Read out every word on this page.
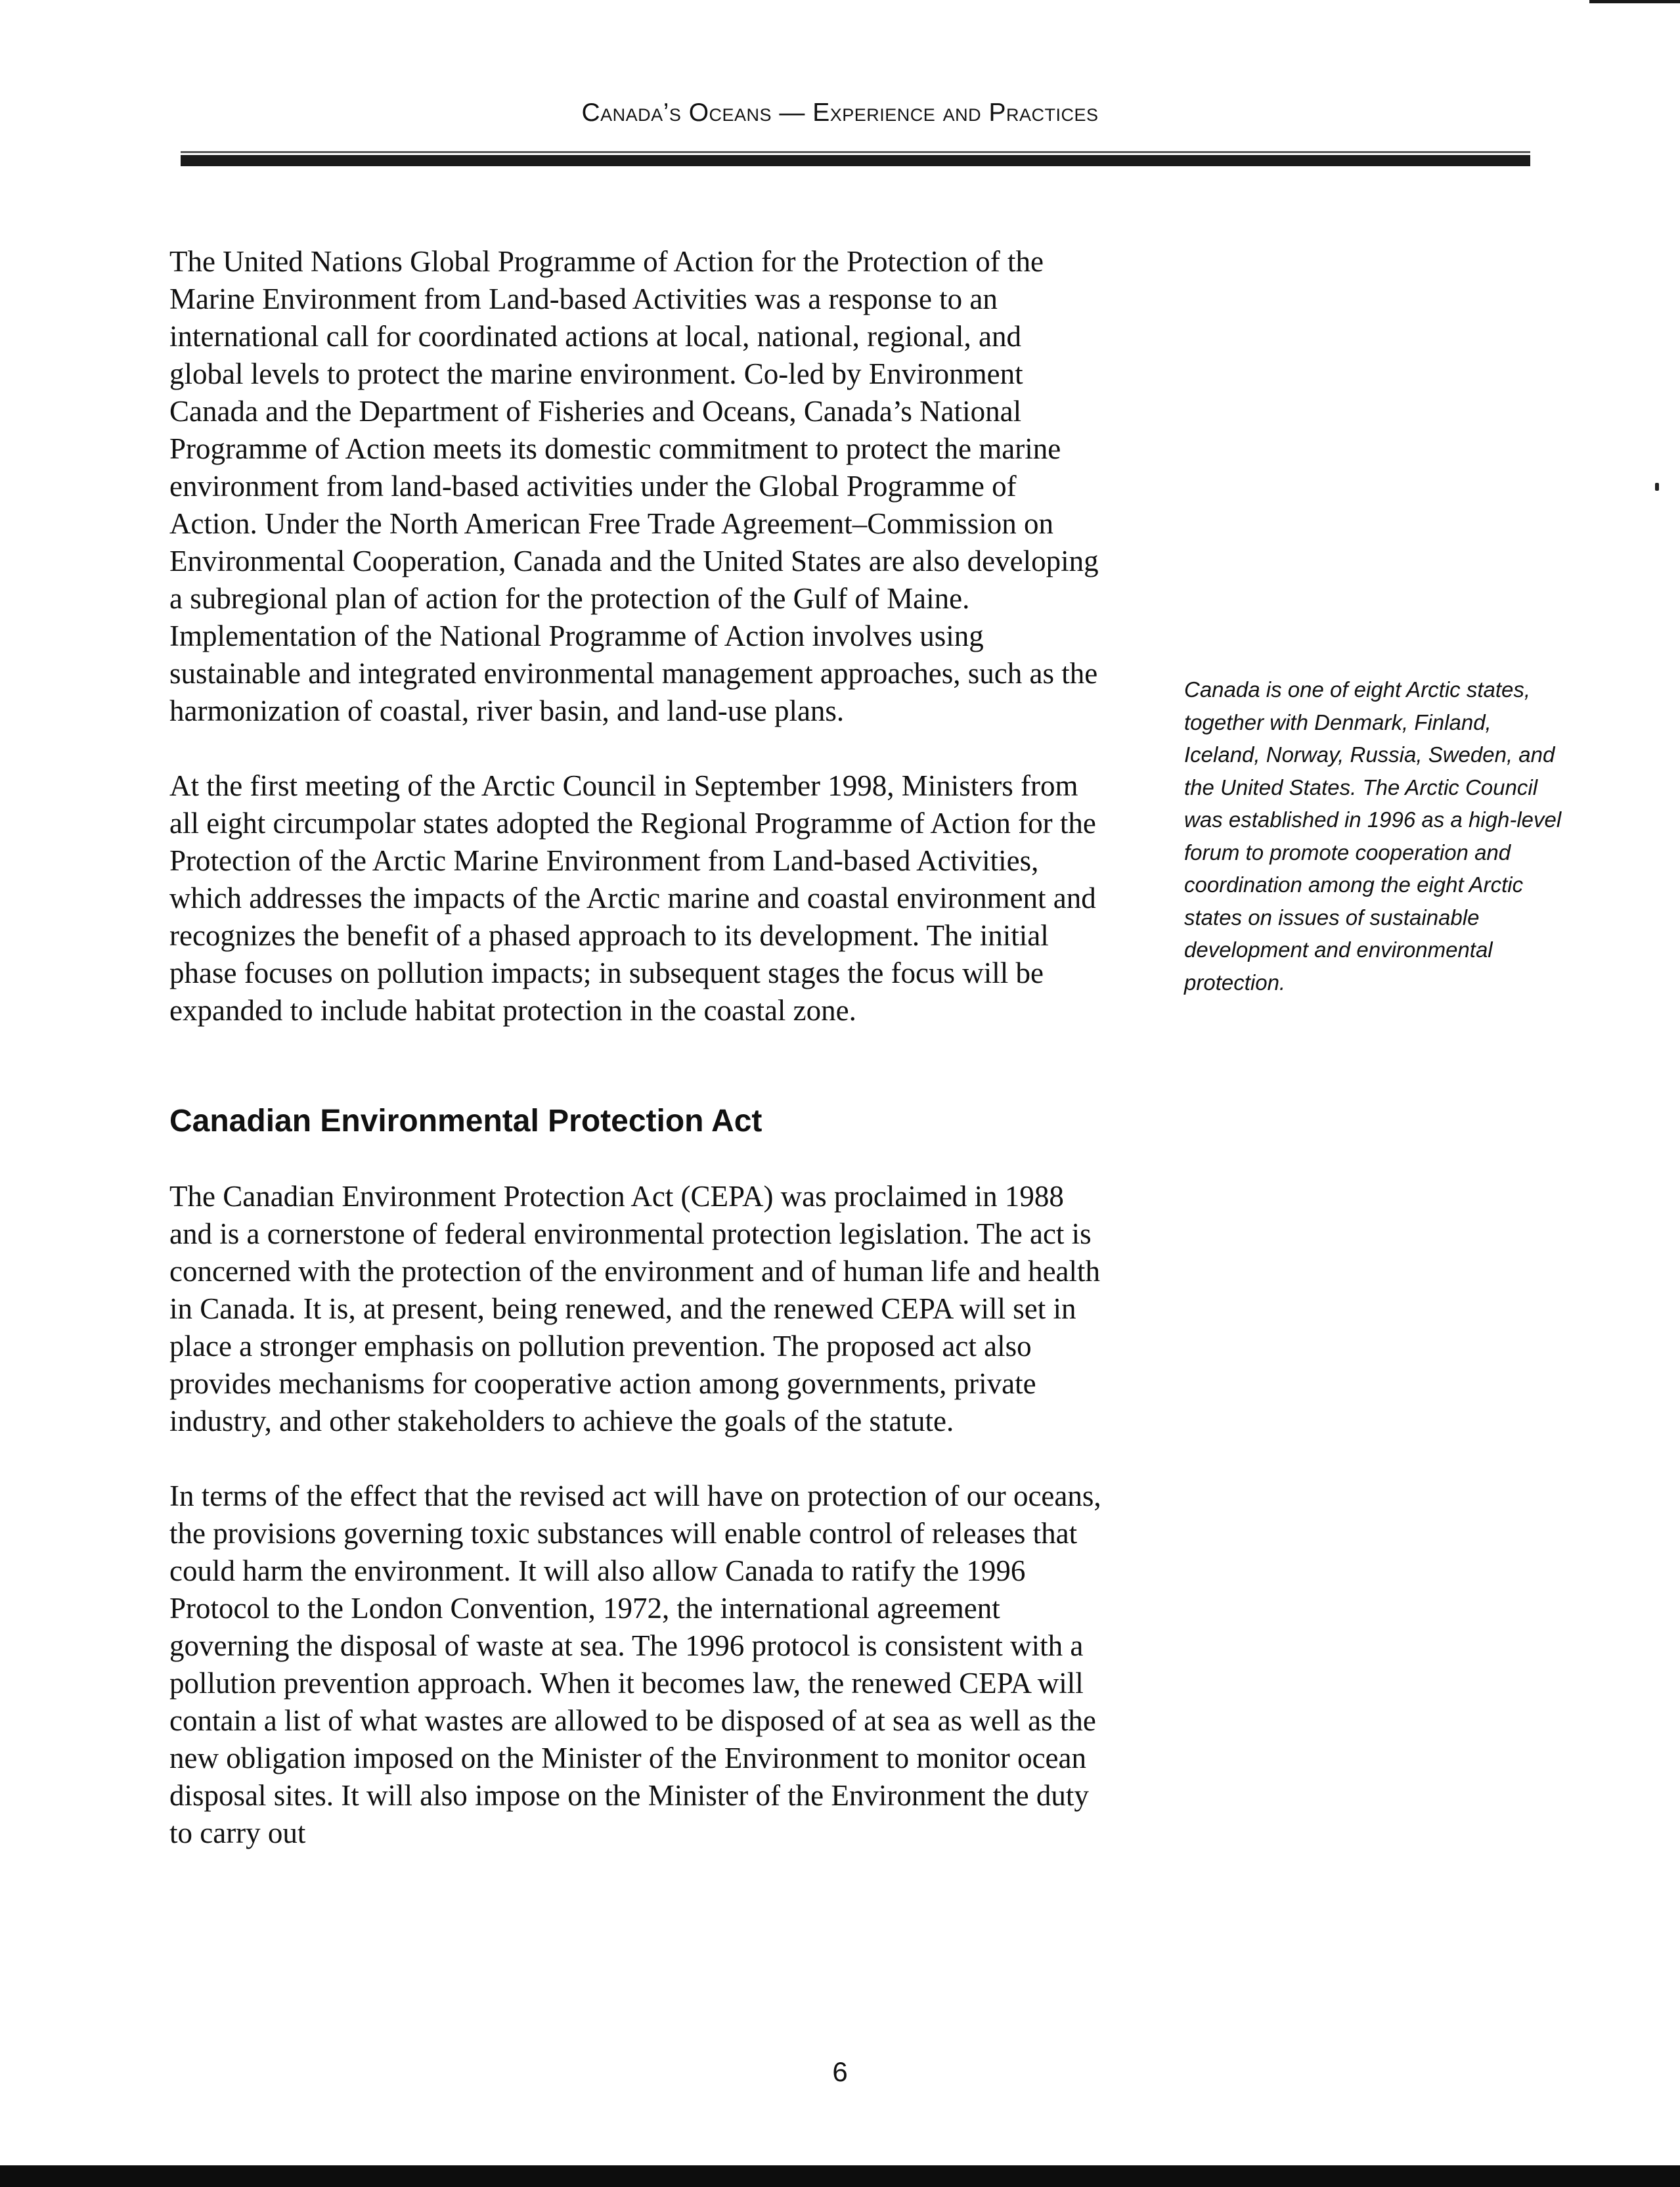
Canada’s Oceans — Experience and Practices

The United Nations Global Programme of Action for the Protection of the Marine Environment from Land-based Activities was a response to an international call for coordinated actions at local, national, regional, and global levels to protect the marine environment. Co-led by Environment Canada and the Department of Fisheries and Oceans, Canada’s National Programme of Action meets its domestic commitment to protect the marine environment from land-based activities under the Global Programme of Action. Under the North American Free Trade Agreement–Commission on Environmental Cooperation, Canada and the United States are also developing a subregional plan of action for the protection of the Gulf of Maine. Implementation of the National Programme of Action involves using sustainable and integrated environmental management approaches, such as the harmonization of coastal, river basin, and land-use plans.

At the first meeting of the Arctic Council in September 1998, Ministers from all eight circumpolar states adopted the Regional Programme of Action for the Protection of the Arctic Marine Environment from Land-based Activities, which addresses the impacts of the Arctic marine and coastal environment and recognizes the benefit of a phased approach to its development. The initial phase focuses on pollution impacts; in subsequent stages the focus will be expanded to include habitat protection in the coastal zone.

Canadian Environmental Protection Act

The Canadian Environment Protection Act (CEPA) was proclaimed in 1988 and is a cornerstone of federal environmental protection legislation. The act is concerned with the protection of the environment and of human life and health in Canada. It is, at present, being renewed, and the renewed CEPA will set in place a stronger emphasis on pollution prevention. The proposed act also provides mechanisms for cooperative action among governments, private industry, and other stakeholders to achieve the goals of the statute.

In terms of the effect that the revised act will have on protection of our oceans, the provisions governing toxic substances will enable control of releases that could harm the environment. It will also allow Canada to ratify the 1996 Protocol to the London Convention, 1972, the international agreement governing the disposal of waste at sea. The 1996 protocol is consistent with a pollution prevention approach. When it becomes law, the renewed CEPA will contain a list of what wastes are allowed to be disposed of at sea as well as the new obligation imposed on the Minister of the Environment to monitor ocean disposal sites. It will also impose on the Minister of the Environment the duty to carry out

Canada is one of eight Arctic states, together with Denmark, Finland, Iceland, Norway, Russia, Sweden, and the United States. The Arctic Council was established in 1996 as a high-level forum to promote cooperation and coordination among the eight Arctic states on issues of sustainable development and environmental protection.
6
